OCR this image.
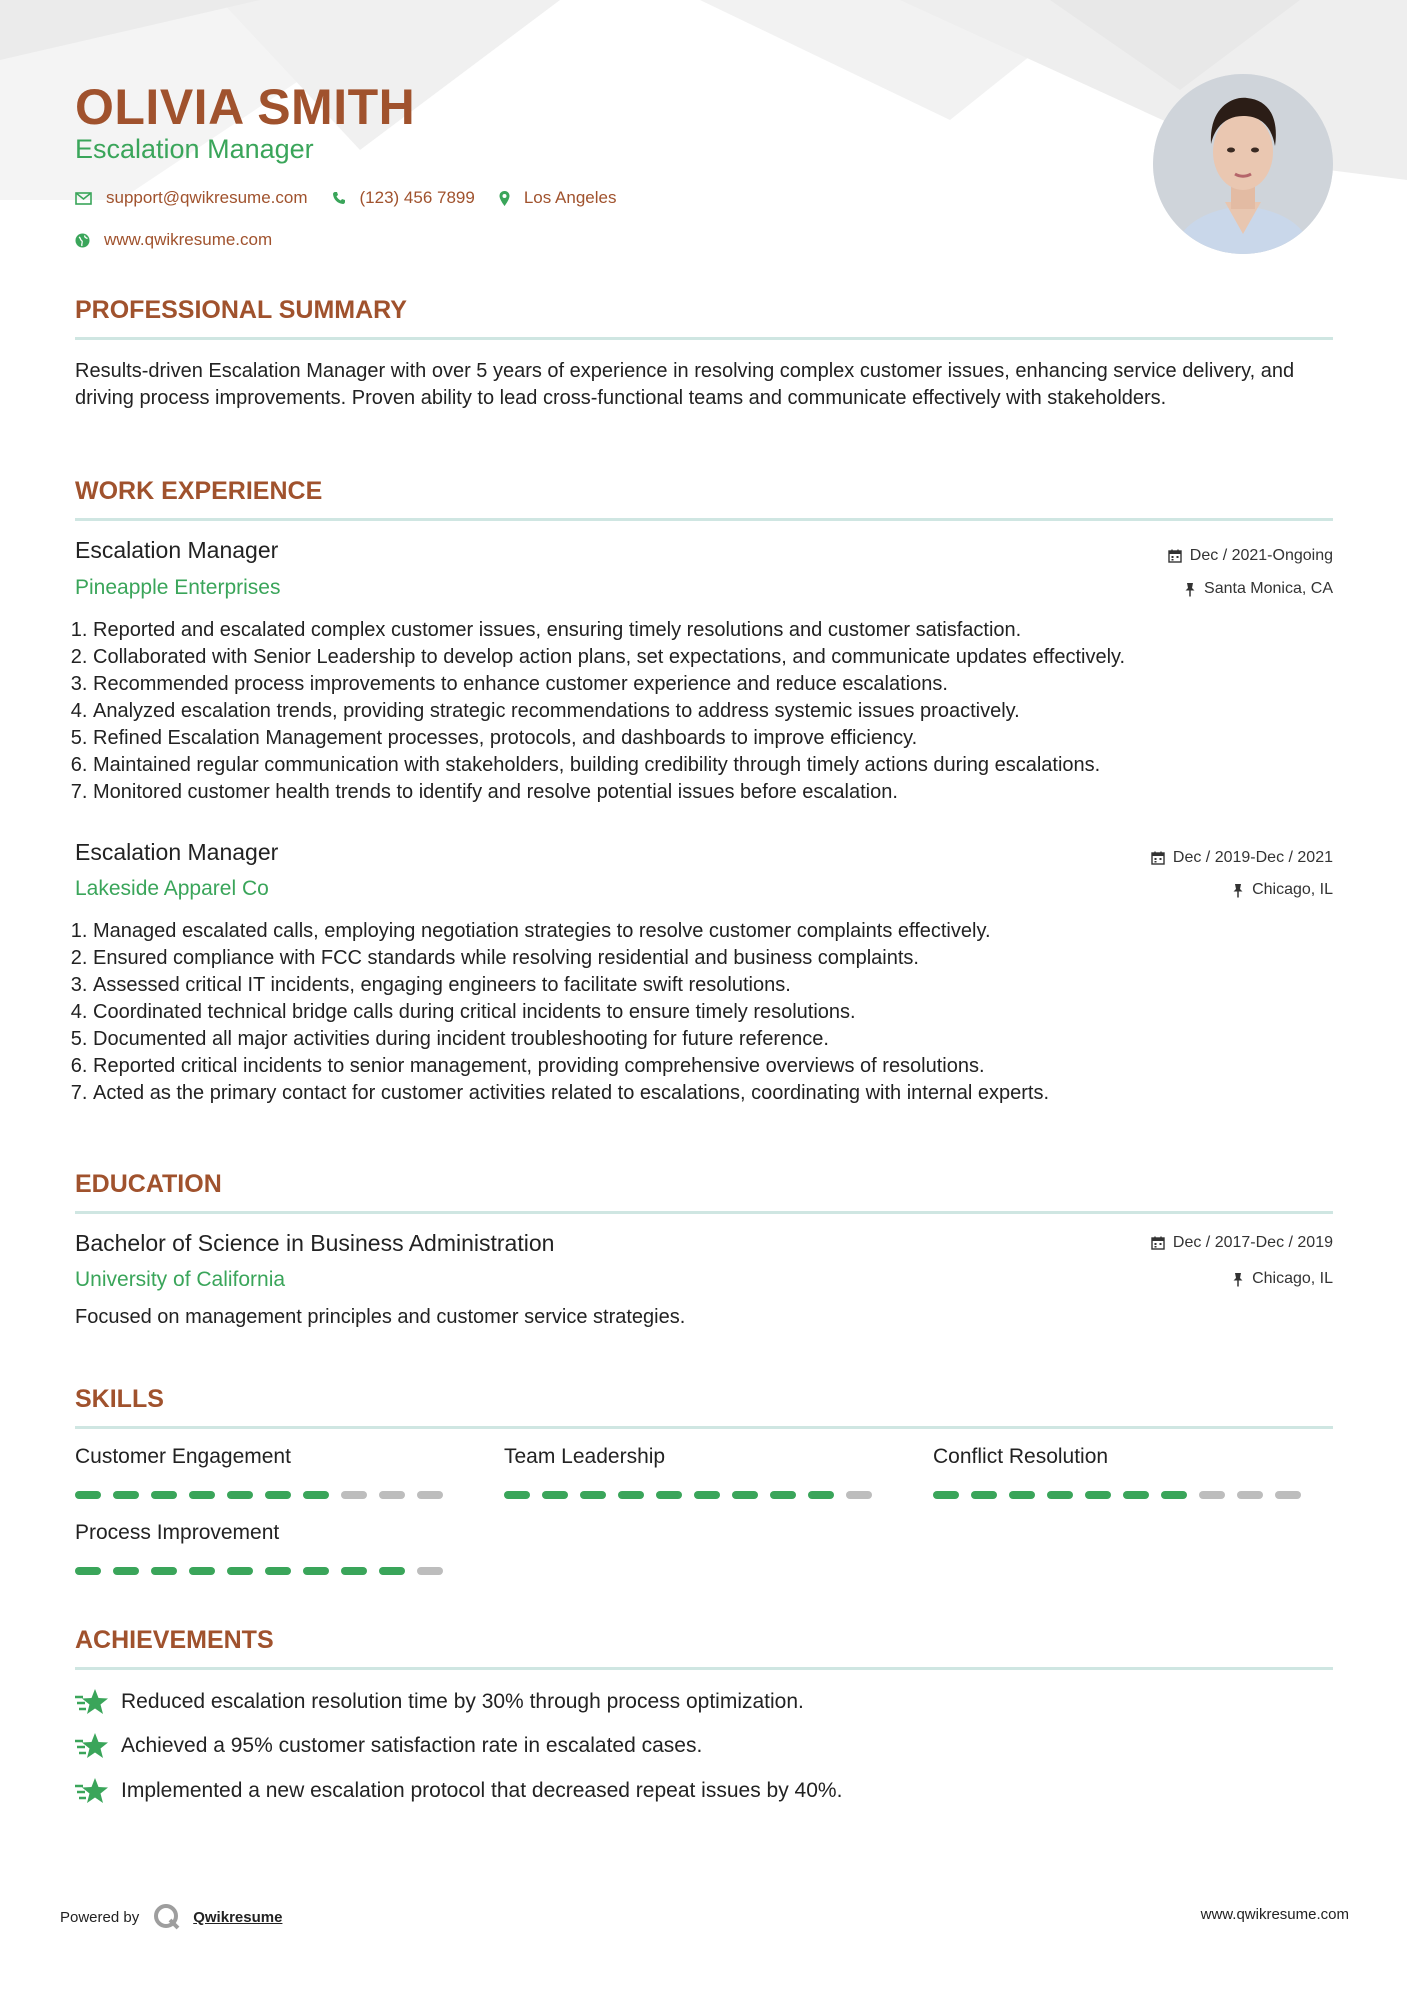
OLIVIA SMITH
Escalation Manager
support@qwikresume.com	(123) 456 7899	Los Angeles
www.qwikresume.com
PROFESSIONAL SUMMARY
Results-driven Escalation Manager with over 5 years of experience in resolving complex customer issues, enhancing service delivery, and driving process improvements. Proven ability to lead cross-functional teams and communicate effectively with stakeholders.
WORK EXPERIENCE
Escalation Manager	Dec / 2021-Ongoing
Pineapple Enterprises	Santa Monica, CA
1. Reported and escalated complex customer issues, ensuring timely resolutions and customer satisfaction.
2. Collaborated with Senior Leadership to develop action plans, set expectations, and communicate updates effectively.
3. Recommended process improvements to enhance customer experience and reduce escalations.
4. Analyzed escalation trends, providing strategic recommendations to address systemic issues proactively.
5. Refined Escalation Management processes, protocols, and dashboards to improve efficiency.
6. Maintained regular communication with stakeholders, building credibility through timely actions during escalations.
7. Monitored customer health trends to identify and resolve potential issues before escalation.
Escalation Manager	Dec / 2019-Dec / 2021
Lakeside Apparel Co	Chicago, IL
1. Managed escalated calls, employing negotiation strategies to resolve customer complaints effectively.
2. Ensured compliance with FCC standards while resolving residential and business complaints.
3. Assessed critical IT incidents, engaging engineers to facilitate swift resolutions.
4. Coordinated technical bridge calls during critical incidents to ensure timely resolutions.
5. Documented all major activities during incident troubleshooting for future reference.
6. Reported critical incidents to senior management, providing comprehensive overviews of resolutions.
7. Acted as the primary contact for customer activities related to escalations, coordinating with internal experts.
EDUCATION
Bachelor of Science in Business Administration	Dec / 2017-Dec / 2019
University of California	Chicago, IL
Focused on management principles and customer service strategies.
SKILLS
Customer Engagement	Team Leadership	Conflict Resolution
Process Improvement
ACHIEVEMENTS
Reduced escalation resolution time by 30% through process optimization.
Achieved a 95% customer satisfaction rate in escalated cases.
Implemented a new escalation protocol that decreased repeat issues by 40%.
Powered by	Qwikresume	www.qwikresume.com
